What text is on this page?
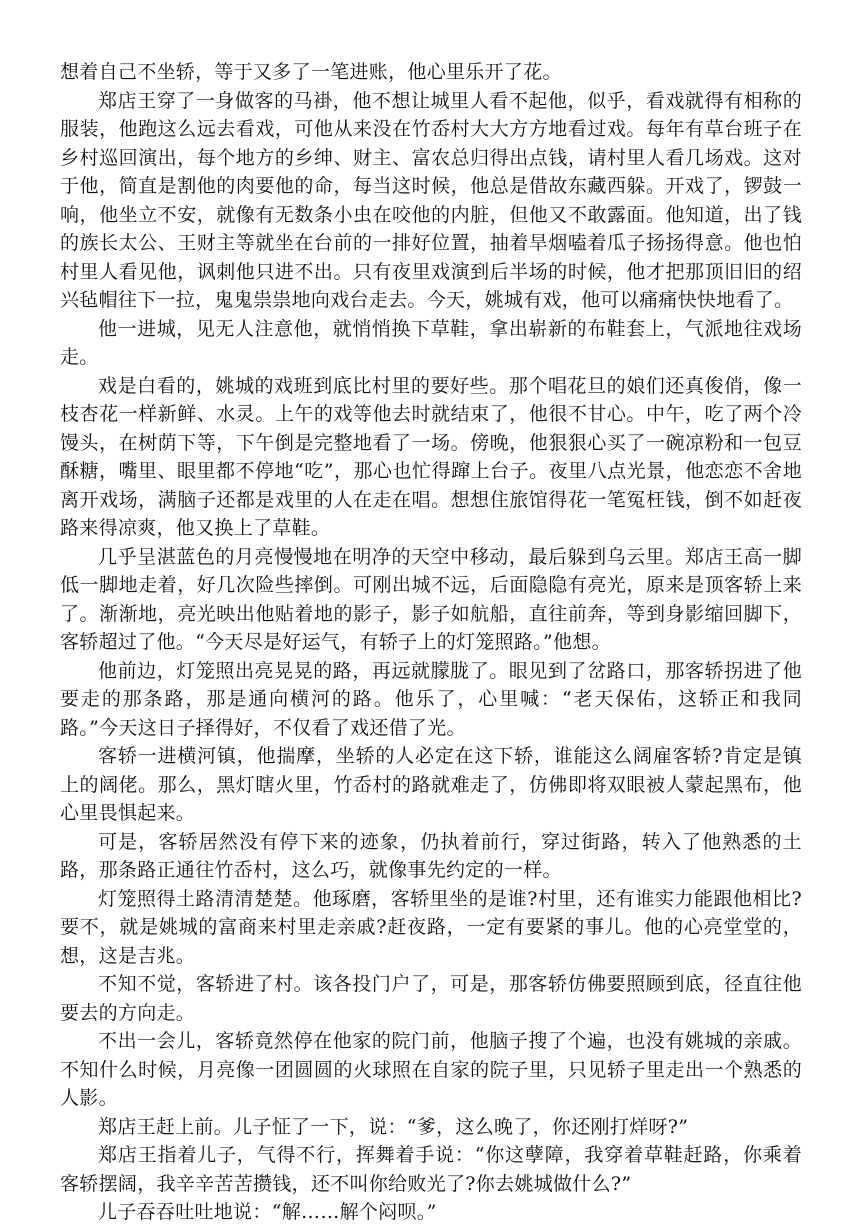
想着自己不坐轿，等于又多了一笔进账，他心里乐开了花。

郑店王穿了一身做客的马褂，他不想让城里人看不起他，似乎，看戏就得有相称的服装，他跑这么远去看戏，可他从来没在竹岙村大大方方地看过戏。每年有草台班子在乡村巡回演出，每个地方的乡绅、财主、富农总归得出点钱，请村里人看几场戏。这对于他，简直是割他的肉要他的命，每当这时候，他总是借故东藏西躲。开戏了，锣鼓一响，他坐立不安，就像有无数条小虫在咬他的内脏，但他又不敢露面。他知道，出了钱的族长太公、王财主等就坐在台前的一排好位置，抽着旱烟嗑着瓜子扬扬得意。他也怕村里人看见他，讽刺他只进不出。只有夜里戏演到后半场的时候，他才把那顶旧旧的绍兴毡帽往下一拉，鬼鬼祟祟地向戏台走去。今天，姚城有戏，他可以痛痛快快地看了。

他一进城，见无人注意他，就悄悄换下草鞋，拿出崭新的布鞋套上，气派地往戏场走。

戏是白看的，姚城的戏班到底比村里的要好些。那个唱花旦的娘们还真俊俏，像一枝杏花一样新鲜、水灵。上午的戏等他去时就结束了，他很不甘心。中午，吃了两个冷馒头，在树荫下等，下午倒是完整地看了一场。傍晚，他狠狠心买了一碗凉粉和一包豆酥糖，嘴里、眼里都不停地“吃”，那心也忙得蹿上台子。夜里八点光景，他恋恋不舍地离开戏场，满脑子还都是戏里的人在走在唱。想想住旅馆得花一笔冤枉钱，倒不如赶夜路来得凉爽，他又换上了草鞋。

几乎呈湛蓝色的月亮慢慢地在明净的天空中移动，最后躲到乌云里。郑店王高一脚低一脚地走着，好几次险些摔倒。可刚出城不远，后面隐隐有亮光，原来是顶客轿上来了。渐渐地，亮光映出他贴着地的影子，影子如航船，直往前奔，等到身影缩回脚下，客轿超过了他。“今天尽是好运气，有轿子上的灯笼照路。”他想。

他前边，灯笼照出亮晃晃的路，再远就朦胧了。眼见到了岔路口，那客轿拐进了他要走的那条路，那是通向横河的路。他乐了，心里喊：“老天保佑，这轿正和我同路。”今天这日子择得好，不仅看了戏还借了光。

客轿一进横河镇，他揣摩，坐轿的人必定在这下轿，谁能这么阔雇客轿?肯定是镇上的阔佬。那么，黑灯瞎火里，竹岙村的路就难走了，仿佛即将双眼被人蒙起黑布，他心里畏惧起来。

可是，客轿居然没有停下来的迹象，仍执着前行，穿过街路，转入了他熟悉的土路，那条路正通往竹岙村，这么巧，就像事先约定的一样。

灯笼照得土路清清楚楚。他琢磨，客轿里坐的是谁?村里，还有谁实力能跟他相比?要不，就是姚城的富商来村里走亲戚?赶夜路，一定有要紧的事儿。他的心亮堂堂的，想，这是吉兆。

不知不觉，客轿进了村。该各投门户了，可是，那客轿仿佛要照顾到底，径直往他要去的方向走。

不出一会儿，客轿竟然停在他家的院门前，他脑子搜了个遍，也没有姚城的亲戚。不知什么时候，月亮像一团圆圆的火球照在自家的院子里，只见轿子里走出一个熟悉的人影。

郑店王赶上前。儿子怔了一下，说：“爹，这么晚了，你还刚打烊呀?”

郑店王指着儿子，气得不行，挥舞着手说：“你这孽障，我穿着草鞋赶路，你乘着客轿摆阔，我辛辛苦苦攒钱，还不叫你给败光了?你去姚城做什么?”

儿子吞吞吐吐地说：“解……解个闷呗。”
